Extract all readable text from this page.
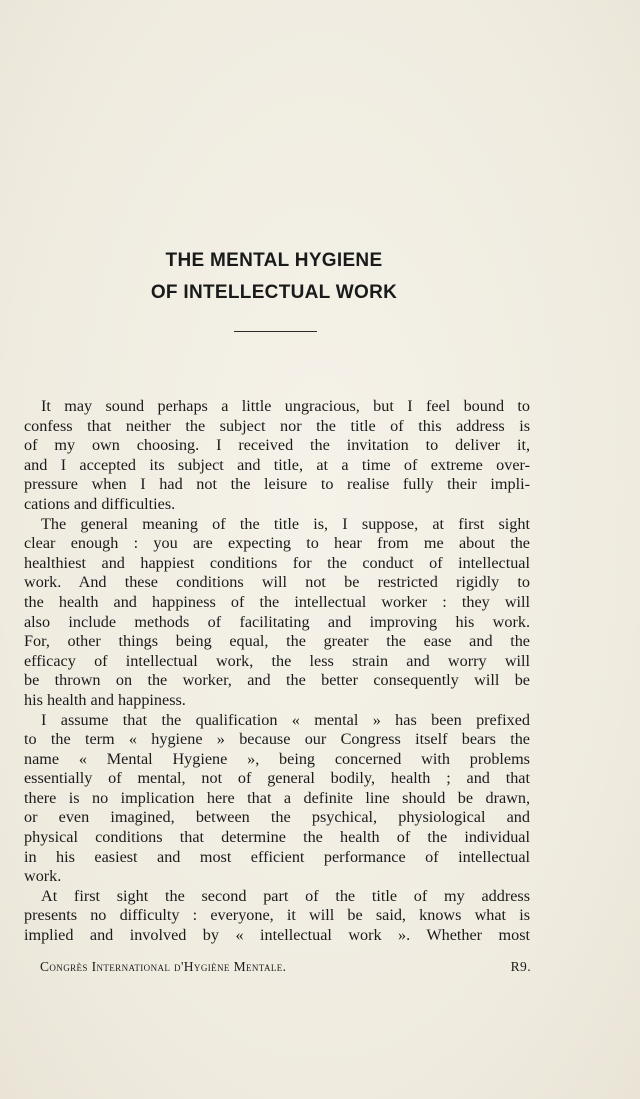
THE MENTAL HYGIENE
OF INTELLECTUAL WORK
It may sound perhaps a little ungracious, but I feel bound to
confess that neither the subject nor the title of this address is
of my own choosing. I received the invitation to deliver it,
and I accepted its subject and title, at a time of extreme over-
pressure when I had not the leisure to realise fully their impli-
cations and difficulties.
The general meaning of the title is, I suppose, at first sight
clear enough : you are expecting to hear from me about the
healthiest and happiest conditions for the conduct of intellectual
work. And these conditions will not be restricted rigidly to
the health and happiness of the intellectual worker : they will
also include methods of facilitating and improving his work.
For, other things being equal, the greater the ease and the
efficacy of intellectual work, the less strain and worry will
be thrown on the worker, and the better consequently will be
his health and happiness.
I assume that the qualification « mental » has been prefixed
to the term « hygiene » because our Congress itself bears the
name « Mental Hygiene », being concerned with problems
essentially of mental, not of general bodily, health ; and that
there is no implication here that a definite line should be drawn,
or even imagined, between the psychical, physiological and
physical conditions that determine the health of the individual
in his easiest and most efficient performance of intellectual
work.
At first sight the second part of the title of my address
presents no difficulty : everyone, it will be said, knows what is
implied and involved by « intellectual work ». Whether most
Congrès International d'Hygiène Mentale.	R9.
